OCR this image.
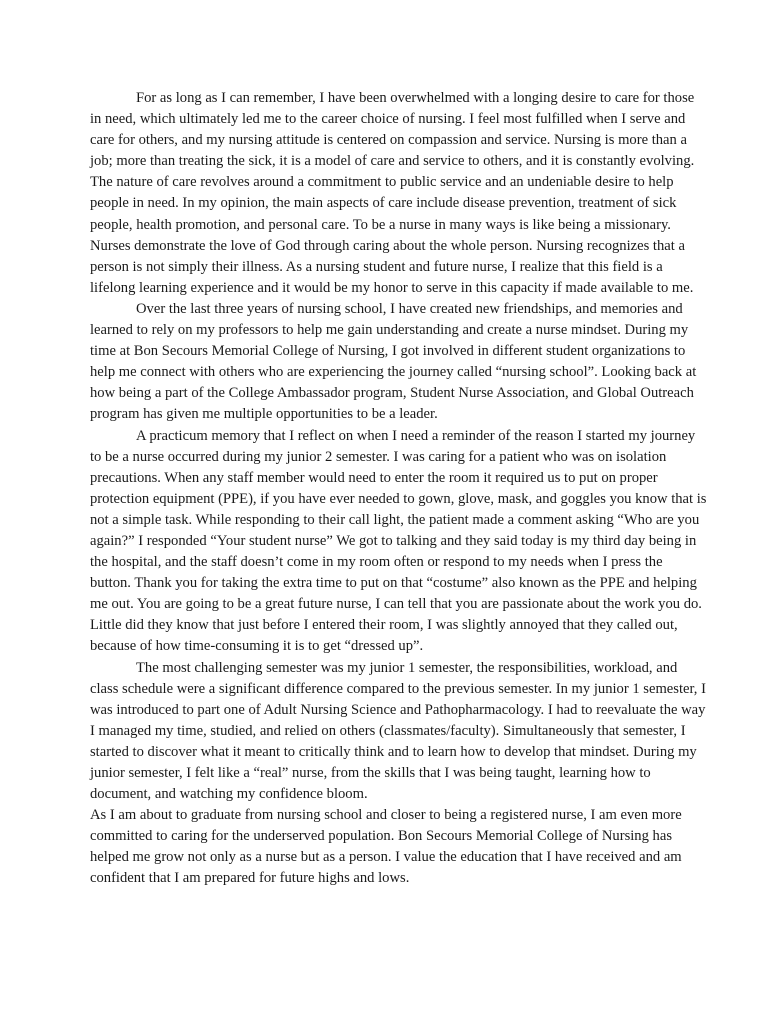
For as long as I can remember, I have been overwhelmed with a longing desire to care for those in need, which ultimately led me to the career choice of nursing. I feel most fulfilled when I serve and care for others, and my nursing attitude is centered on compassion and service. Nursing is more than a job; more than treating the sick, it is a model of care and service to others, and it is constantly evolving. The nature of care revolves around a commitment to public service and an undeniable desire to help people in need. In my opinion, the main aspects of care include disease prevention, treatment of sick people, health promotion, and personal care. To be a nurse in many ways is like being a missionary. Nurses demonstrate the love of God through caring about the whole person. Nursing recognizes that a person is not simply their illness. As a nursing student and future nurse, I realize that this field is a lifelong learning experience and it would be my honor to serve in this capacity if made available to me.

Over the last three years of nursing school, I have created new friendships, and memories and learned to rely on my professors to help me gain understanding and create a nurse mindset. During my time at Bon Secours Memorial College of Nursing, I got involved in different student organizations to help me connect with others who are experiencing the journey called “nursing school”. Looking back at how being a part of the College Ambassador program, Student Nurse Association, and Global Outreach program has given me multiple opportunities to be a leader.

A practicum memory that I reflect on when I need a reminder of the reason I started my journey to be a nurse occurred during my junior 2 semester. I was caring for a patient who was on isolation precautions. When any staff member would need to enter the room it required us to put on proper protection equipment (PPE), if you have ever needed to gown, glove, mask, and goggles you know that is not a simple task. While responding to their call light, the patient made a comment asking “Who are you again?” I responded “Your student nurse” We got to talking and they said today is my third day being in the hospital, and the staff doesn’t come in my room often or respond to my needs when I press the button. Thank you for taking the extra time to put on that “costume” also known as the PPE and helping me out. You are going to be a great future nurse, I can tell that you are passionate about the work you do. Little did they know that just before I entered their room, I was slightly annoyed that they called out, because of how time-consuming it is to get “dressed up”.

The most challenging semester was my junior 1 semester, the responsibilities, workload, and class schedule were a significant difference compared to the previous semester. In my junior 1 semester, I was introduced to part one of Adult Nursing Science and Pathopharmacology. I had to reevaluate the way I managed my time, studied, and relied on others (classmates/faculty). Simultaneously that semester, I started to discover what it meant to critically think and to learn how to develop that mindset. During my junior semester, I felt like a “real” nurse, from the skills that I was being taught, learning how to document, and watching my confidence bloom.

As I am about to graduate from nursing school and closer to being a registered nurse, I am even more committed to caring for the underserved population. Bon Secours Memorial College of Nursing has helped me grow not only as a nurse but as a person. I value the education that I have received and am confident that I am prepared for future highs and lows.
